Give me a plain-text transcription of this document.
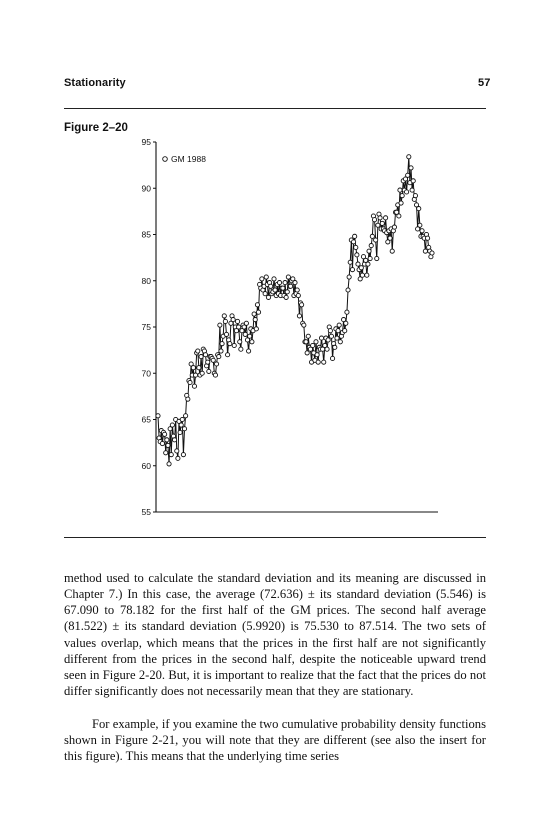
Stationarity	57
Figure 2–20
55
60
65
70
75
80
85
90
95
GM 1988

method used to calculate the standard deviation and its meaning are discussed in Chapter 7.) In this case, the average (72.636) ± its standard deviation (5.546) is 67.090 to 78.182 for the first half of the GM prices. The second half average (81.522) ± its standard deviation (5.9920) is 75.530 to 87.514. The two sets of values overlap, which means that the prices in the first half are not significantly different from the prices in the second half, despite the noticeable upward trend seen in Figure 2-20. But, it is important to realize that the fact that the prices do not differ significantly does not necessarily mean that they are stationary.

For example, if you examine the two cumulative probability density functions shown in Figure 2-21, you will note that they are different (see also the insert for this figure). This means that the underlying time series
